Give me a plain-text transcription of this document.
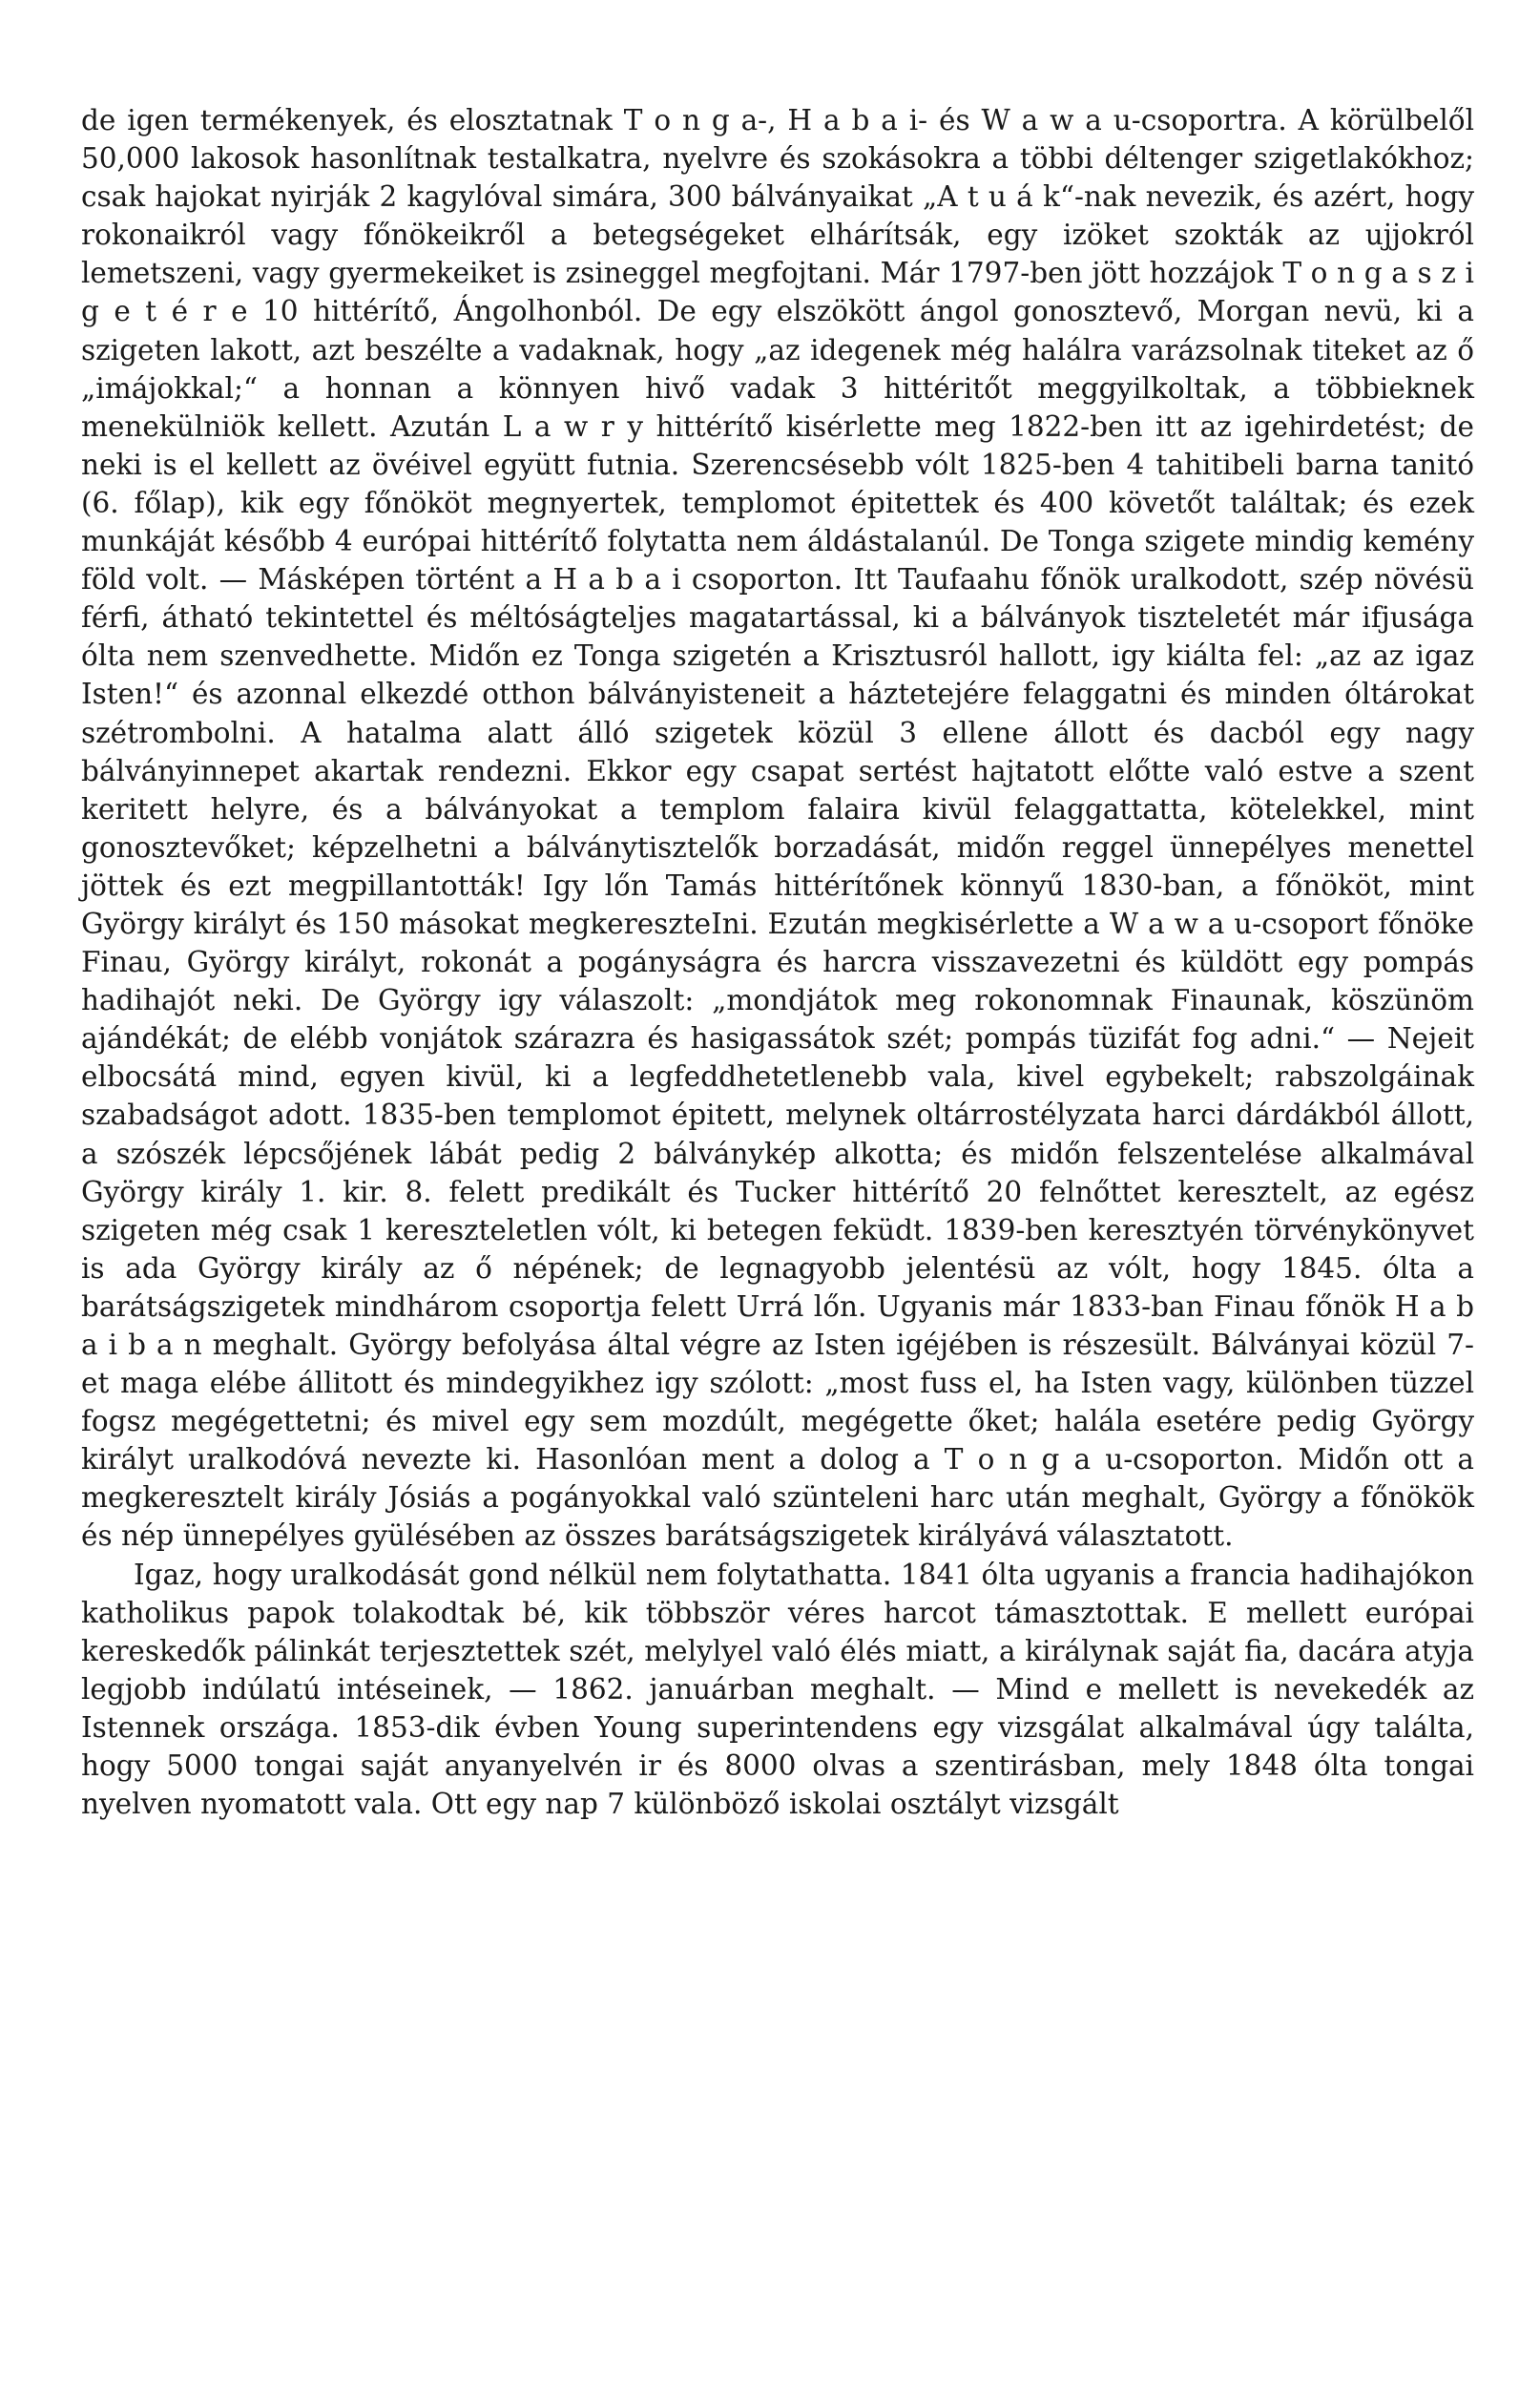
de igen termékenyek, és elosztatnak T o n g a-, H a b a i- és W a w a u-csoportra. A körülbelől 50,000 lakosok hasonlítnak testalkatra, nyelvre és szokásokra a többi déltenger szigetlakókhoz; csak hajokat nyirják 2 kagylóval simára, 300 bálványaikat „A t u á k“-nak nevezik, és azért, hogy rokonaikról vagy főnökeikről a betegségeket elhárítsák, egy izöket szokták az ujjokról lemetszeni, vagy gyermekeiket is zsineggel megfojtani. Már 1797-ben jött hozzájok T o n g a s z i g e t é r e 10 hittérítő, Ángolhonból. De egy elszökött ángol gonosztevő, Morgan nevü, ki a szigeten lakott, azt beszélte a vadaknak, hogy „az idegenek még halálra varázsolnak titeket az ő „imájokkal;“ a honnan a könnyen hivő vadak 3 hittéritőt meggyilkoltak, a többieknek menekülniök kellett. Azután L a w r y hittérítő kisérlette meg 1822-ben itt az igehirdetést; de neki is el kellett az övéivel együtt futnia. Szerencsésebb vólt 1825-ben 4 tahitibeli barna tanitó (6. főlap), kik egy főnököt megnyertek, templomot épitettek és 400 követőt találtak; és ezek munkáját később 4 európai hittérítő folytatta nem áldástalanúl. De Tonga szigete mindig kemény föld volt. — Másképen történt a H a b a i csoporton. Itt Taufaahu főnök uralkodott, szép növésü férfi, átható tekintettel és méltóságteljes magatartással, ki a bálványok tiszteletét már ifjusága ólta nem szenvedhette. Midőn ez Tonga szigetén a Krisztusról hallott, igy kiálta fel: „az az igaz Isten!“ és azonnal elkezdé otthon bálványisteneit a háztetejére felaggatni és minden óltárokat szétrombolni. A hatalma alatt álló szigetek közül 3 ellene állott és dacból egy nagy bálványinnepet akartak rendezni. Ekkor egy csapat sertést hajtatott előtte való estve a szent keritett helyre, és a bálványokat a templom falaira kivül felaggattatta, kötelekkel, mint gonosztevőket; képzelhetni a bálványtisztelők borzadását, midőn reggel ünnepélyes menettel jöttek és ezt megpillantották! Igy lőn Tamás hittérítőnek könnyű 1830-ban, a főnököt, mint György királyt és 150 másokat megkereszteIni. Ezután megkisérlette a W a w a u-csoport főnöke Finau, György királyt, rokonát a pogányságra és harcra visszavezetni és küldött egy pompás hadihajót neki. De György igy válaszolt: „mondjátok meg rokonomnak Finaunak, köszünöm ajándékát; de elébb vonjátok szárazra és hasigassátok szét; pompás tüzifát fog adni.“ — Nejeit elbocsátá mind, egyen kivül, ki a legfeddhetetlenebb vala, kivel egybekelt; rabszolgáinak szabadságot adott. 1835-ben templomot épitett, melynek oltárrostélyzata harci dárdákból állott, a szószék lépcsőjének lábát pedig 2 bálványkép alkotta; és midőn felszentelése alkalmával György király 1. kir. 8. felett predikált és Tucker hittérítő 20 felnőttet keresztelt, az egész szigeten még csak 1 kereszteletlen vólt, ki betegen feküdt. 1839-ben keresztyén törvénykönyvet is ada György király az ő népének; de legnagyobb jelentésü az vólt, hogy 1845. ólta a barátságszigetek mindhárom csoportja felett Urrá lőn. Ugyanis már 1833-ban Finau főnök H a b a i b a n meghalt. György befolyása által végre az Isten igéjében is részesült. Bálványai közül 7-et maga elébe állitott és mindegyikhez igy szólott: „most fuss el, ha Isten vagy, különben tüzzel fogsz megégettetni; és mivel egy sem mozdúlt, megégette őket; halála esetére pedig György királyt uralkodóvá nevezte ki. Hasonlóan ment a dolog a T o n g a u-csoporton. Midőn ott a megkeresztelt király Jósiás a pogányokkal való szünteleni harc után meghalt, György a főnökök és nép ünnepélyes gyülésében az összes barátságszigetek királyává választatott.

Igaz, hogy uralkodását gond nélkül nem folytathatta. 1841 ólta ugyanis a francia hadihajókon katholikus papok tolakodtak bé, kik többször véres harcot támasztottak. E mellett európai kereskedők pálinkát terjesztettek szét, melylyel való élés miatt, a királynak saját fia, dacára atyja legjobb indúlatú intéseinek, — 1862. januárban meghalt. — Mind e mellett is nevekedék az Istennek országa. 1853-dik évben Young superintendens egy vizsgálat alkalmával úgy találta, hogy 5000 tongai saját anyanyelvén ir és 8000 olvas a szentirásban, mely 1848 ólta tongai nyelven nyomatott vala. Ott egy nap 7 különböző iskolai osztályt vizsgált
